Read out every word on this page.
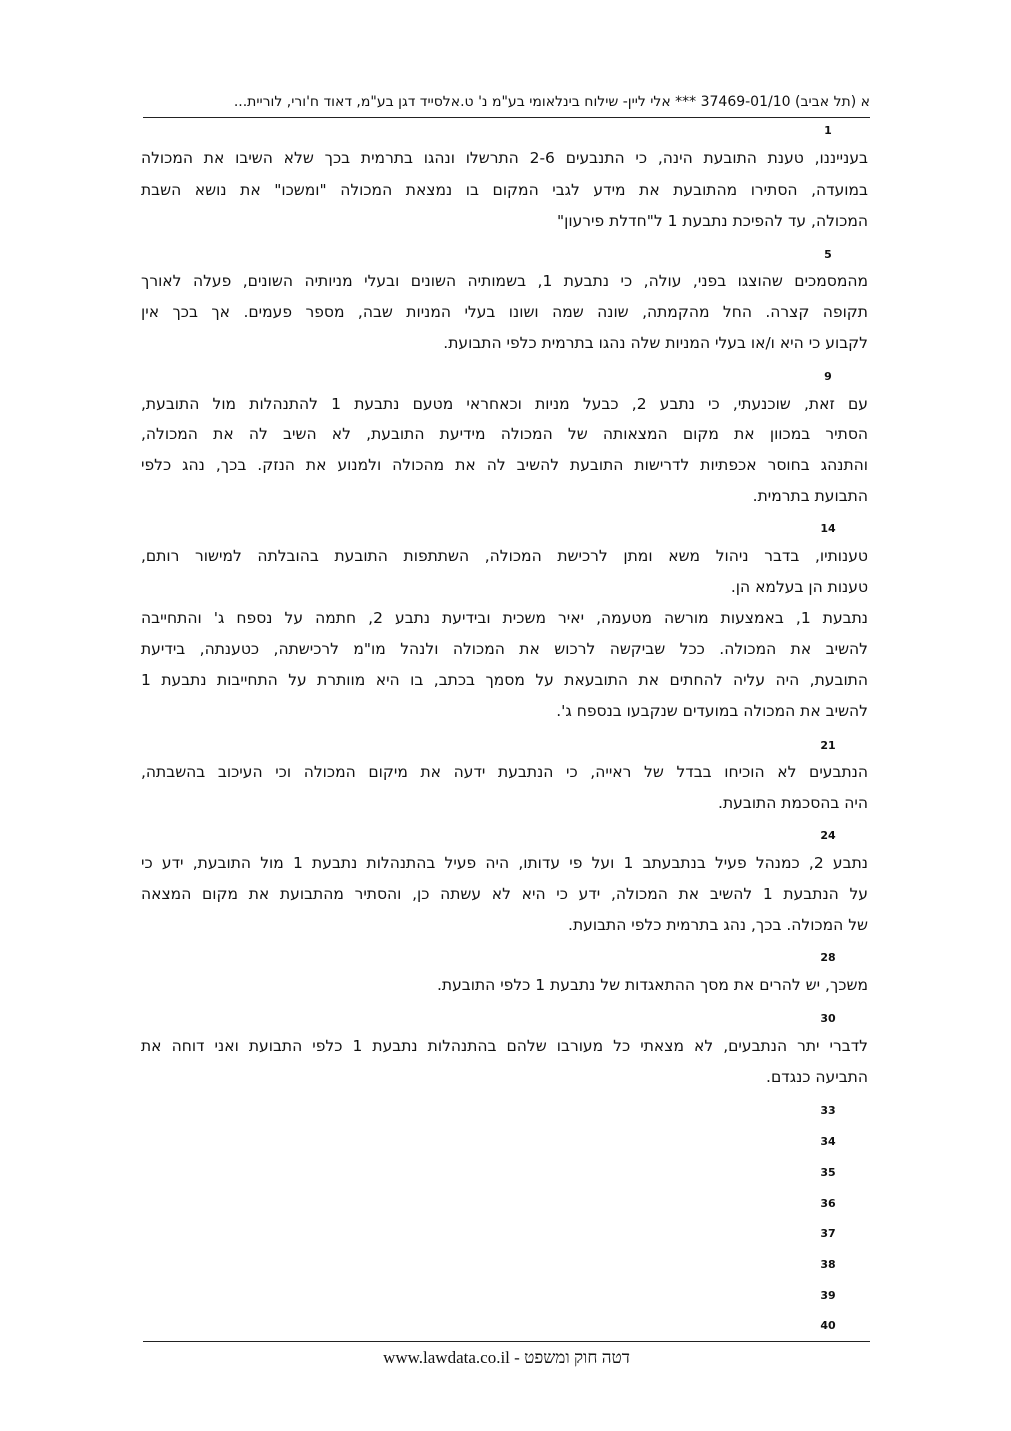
א (תל אביב) 37469-01/10 *** אלי ליין- שילוח בינלאומי בע"מ נ' ט.אלסייד דגן בע"מ, דאוד ח'ורי, לוריית...
1
5
9
14
21
24
28
30
33
34
35
36
37
38
39
40
בענייננו, טענת התובעת הינה, כי התנבעים 2-6 התרשלו ונהגו בתרמית בכך שלא השיבו את המכולה
במועדה, הסתירו מהתובעת את מידע לגבי המקום בו נמצאת המכולה "ומשכו" את נושא השבת
המכולה, עד להפיכת נתבעת 1 ל"חדלת פירעון"
מהמסמכים שהוצגו בפני, עולה, כי נתבעת 1, בשמותיה השונים ובעלי מניותיה השונים, פעלה לאורך
תקופה קצרה. החל מהקמתה, שונה שמה ושונו בעלי המניות שבה, מספר פעמים. אך בכך אין
לקבוע כי היא ו/או בעלי המניות שלה נהגו בתרמית כלפי התבועת.
עם זאת, שוכנעתי, כי נתבע 2, כבעל מניות וכאחראי מטעם נתבעת 1 להתנהלות מול התובעת,
הסתיר במכוון את מקום המצאותה של המכולה מידיעת התובעת, לא השיב לה את המכולה,
והתנהג בחוסר אכפתיות לדרישות התובעת להשיב לה את מהכולה ולמנוע את הנזק. בכך, נהג כלפי
התבועת בתרמית.
טענותיו, בדבר ניהול משא ומתן לרכישת המכולה, השתתפות התובעת בהובלתה למישור רותם,
טענות הן בעלמא הן.
נתבעת 1, באמצעות מורשה מטעמה, יאיר משכית ובידיעת נתבע 2, חתמה על נספח ג' והתחייבה
להשיב את המכולה. ככל שביקשה לרכוש את המכולה ולנהל מו"מ לרכישתה, כטענתה, בידיעת
התובעת, היה עליה להחתים את התובעאת על מסמך בכתב, בו היא מוותרת על התחייבות נתבעת 1
להשיב את המכולה במועדים שנקבעו בנספח ג'.
הנתבעים לא הוכיחו בבדל של ראייה, כי הנתבעת ידעה את מיקום המכולה וכי העיכוב בהשבתה,
היה בהסכמת התובעת.
נתבע 2, כמנהל פעיל בנתבעתב 1 ועל פי עדותו, היה פעיל בהתנהלות נתבעת 1 מול התובעת, ידע כי
על הנתבעת 1 להשיב את המכולה, ידע כי היא לא עשתה כן, והסתיר מהתבועת את מקום המצאה
של המכולה. בכך, נהג בתרמית כלפי התבועת.
משכך, יש להרים את מסך ההתאגדות של נתבעת 1 כלפי התובעת.
לדברי יתר הנתבעים, לא מצאתי כל מעורבו שלהם בהתנהלות נתבעת 1 כלפי התבועת ואני דוחה את
התביעה כנגדם.
www.lawdata.co.il - דטה חוק ומשפט
